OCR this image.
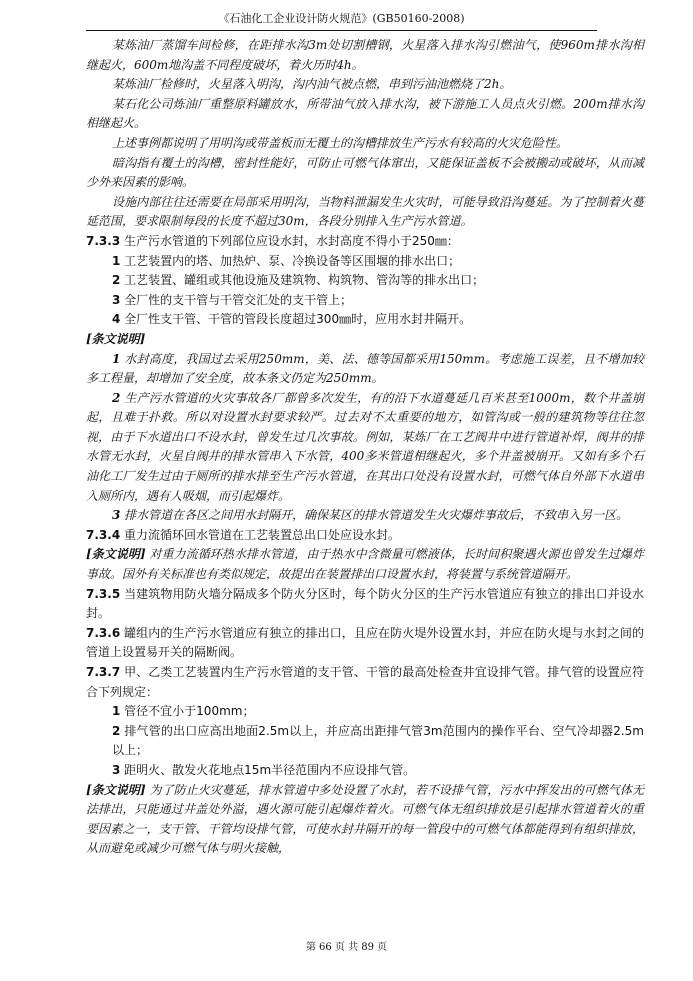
《石油化工企业设计防火规范》(GB50160-2008)

某炼油厂蒸馏车间检修，在距排水沟3m处切割槽钢，火星落入排水沟引燃油气，使960m排水沟相继起火，600m地沟盖不同程度破坏，着火历时4h。

某炼油厂检修时，火星落入明沟，沟内油气被点燃，串到污油池燃烧了2h。

某石化公司炼油厂重整原料罐放水，所带油气放入排水沟，被下游施工人员点火引燃。200m排水沟相继起火。

上述事例都说明了用明沟或带盖板而无覆土的沟槽排放生产污水有较高的火灾危险性。

暗沟指有覆土的沟槽，密封性能好，可防止可燃气体窜出，又能保证盖板不会被搬动或破坏，从而减少外来因素的影响。

设施内部往往还需要在局部采用明沟，当物料泄漏发生火灾时，可能导致沿沟蔓延。为了控制着火蔓延范围，要求限制每段的长度不超过30m，各段分别排入生产污水管道。

7.3.3 生产污水管道的下列部位应设水封，水封高度不得小于250㎜：

1 工艺装置内的塔、加热炉、泵、冷换设备等区围堰的排水出口；

2 工艺装置、罐组或其他设施及建筑物、构筑物、管沟等的排水出口；

3 全厂性的支干管与干管交汇处的支干管上；

4 全厂性支干管、干管的管段长度超过300㎜时，应用水封井隔开。

[条文说明]

1 水封高度，我国过去采用250mm，美、法、德等国都采用150mm。考虑施工误差，且不增加较多工程量，却增加了安全度，故本条文仍定为250mm。

2 生产污水管道的火灾事故各厂都曾多次发生，有的沿下水道蔓延几百米甚至1000m，数个井盖崩起，且难于扑救。所以对设置水封要求较严。过去对不太重要的地方，如管沟或一般的建筑物等往往忽视，由于下水道出口不设水封，曾发生过几次事故。例如，某炼厂在工艺阀井中进行管道补焊，阀井的排水管无水封，火星自阀井的排水管串入下水管，400多米管道相继起火，多个井盖被崩开。又如有多个石油化工厂发生过由于厕所的排水排至生产污水管道，在其出口处没有设置水封，可燃气体自外部下水道串入厕所内，遇有人吸烟，而引起爆炸。

3 排水管道在各区之间用水封隔开，确保某区的排水管道发生火灾爆炸事故后，不致串入另一区。

7.3.4 重力流循环回水管道在工艺装置总出口处应设水封。

[条文说明] 对重力流循环热水排水管道，由于热水中含微量可燃液体，长时间积聚遇火源也曾发生过爆炸事故。国外有关标准也有类似规定，故提出在装置排出口设置水封，将装置与系统管道隔开。

7.3.5 当建筑物用防火墙分隔成多个防火分区时，每个防火分区的生产污水管道应有独立的排出口并设水封。

7.3.6 罐组内的生产污水管道应有独立的排出口，且应在防火堤外设置水封，并应在防火堤与水封之间的管道上设置易开关的隔断阀。

7.3.7 甲、乙类工艺装置内生产污水管道的支干管、干管的最高处检查井宜设排气管。排气管的设置应符合下列规定：

1 管径不宜小于100mm；

2 排气管的出口应高出地面2.5m以上，并应高出距排气管3m范围内的操作平台、空气冷却器2.5m以上；

3 距明火、散发火花地点15m半径范围内不应设排气管。

[条文说明] 为了防止火灾蔓延，排水管道中多处设置了水封，若不设排气管，污水中挥发出的可燃气体无法排出，只能通过井盖处外溢，遇火源可能引起爆炸着火。可燃气体无组织排放是引起排水管道着火的重要因素之一，支干管、干管均设排气管，可使水封井隔开的每一管段中的可燃气体都能得到有组织排放，从而避免或减少可燃气体与明火接触，

第 66 页 共 89 页
